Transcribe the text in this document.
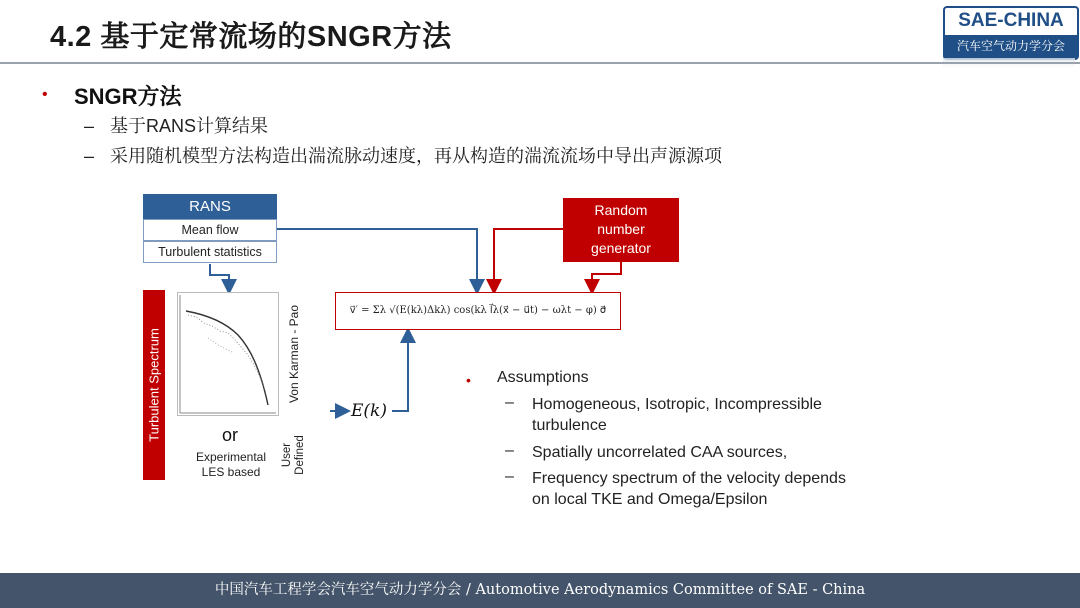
4.2 基于定常流场的SNGR方法
SAE-CHINA
汽车空气动力学分会
• SNGR方法
– 基于RANS计算结果
– 采用随机模型方法构造出湍流脉动速度，再从构造的湍流流场中导出声源源项
RANS
Mean flow
Turbulent statistics
Random
number
generator
Turbulent Spectrum	Von Karman - Pao
or
Experimental
LES based
User Defined
v⃗′ = Σλ √(E(kλ)Δkλ) cos(kλ l⃗λ(x⃗ − u⃗t) − ωλt − φ) σ⃗
E(k)
• Assumptions
– Homogeneous, Isotropic, Incompressible
turbulence
– Spatially uncorrelated CAA sources,
– Frequency spectrum of the velocity depends
on local TKE and Omega/Epsilon
中国汽车工程学会汽车空气动力学分会 / Automotive Aerodynamics Committee of SAE - China
